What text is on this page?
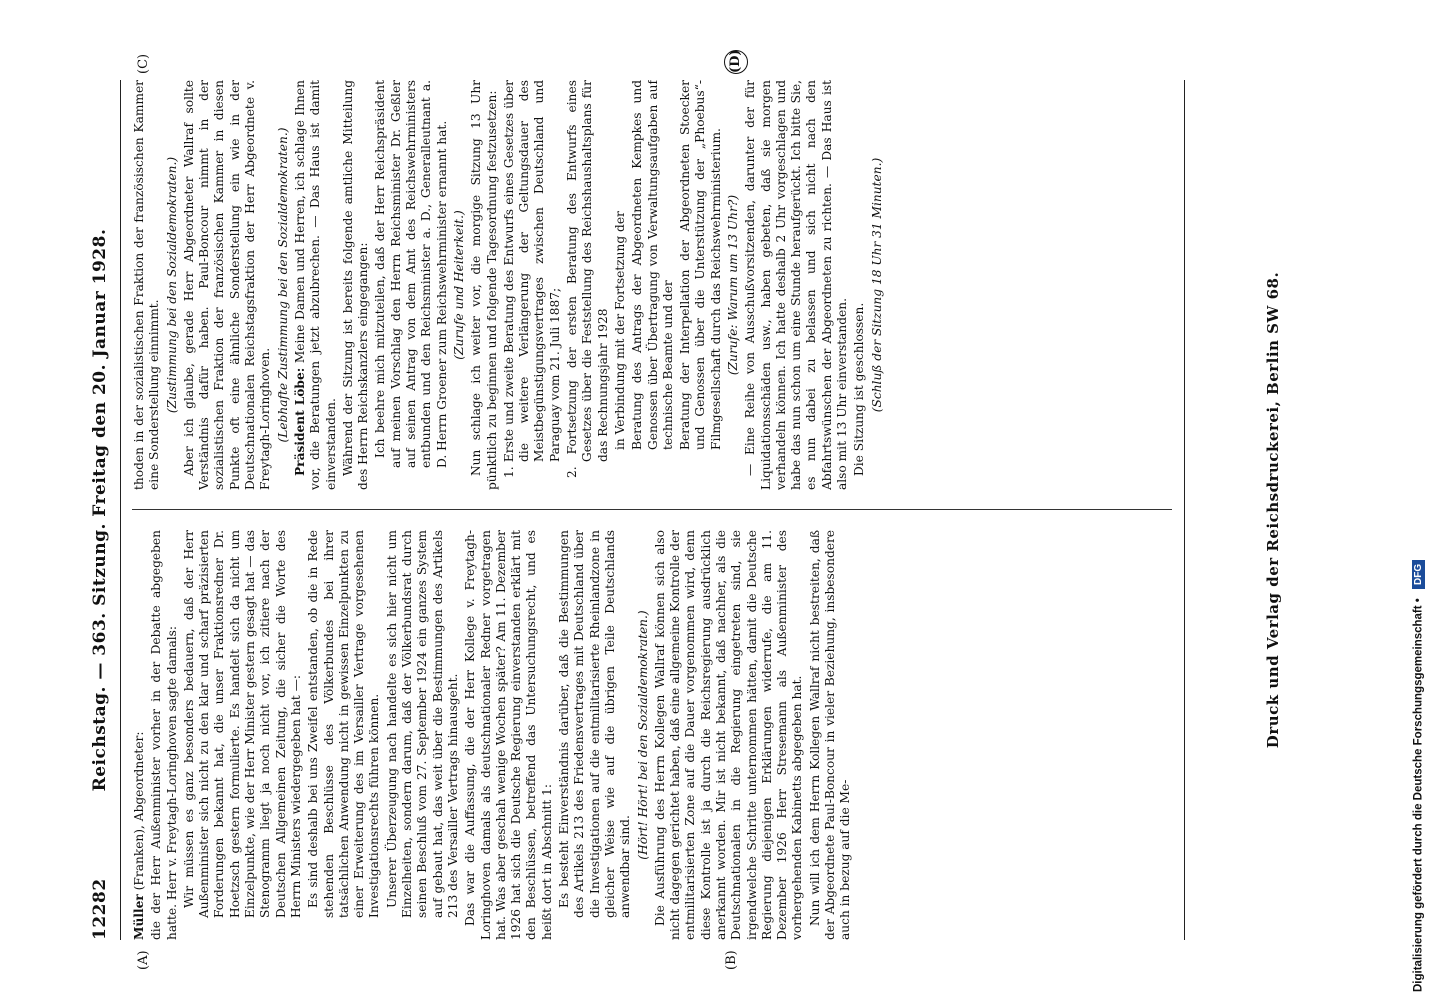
12282
Reichstag. — 363. Sitzung. Freitag den 20. Januar 1928.
(A)	(B)
(C)	(D)

Müller (Franken), Abgeordneter: die der Herr Außenminister vorher in der Debatte abgegeben hatte. Herr v. Freytagh-Loringhoven sagte damals: Wir müssen es ganz besonders bedauern, daß der Herr Außenminister sich nicht zu den klar und scharf präzisierten Forderungen bekannt hat, die unser Fraktionsredner Dr. Hoetzsch gestern formulierte. Es handelt sich da nicht um Einzelpunkte, wie der Herr Minister gestern gesagt hat — das Stenogramm liegt ja noch nicht vor, ich zitiere nach der Deutschen Allgemeinen Zeitung, die sicher die Worte des Herrn Ministers wiedergegeben hat —: Es sind deshalb bei uns Zweifel entstanden, ob die in Rede stehenden Beschlüsse des Völkerbundes bei ihrer tatsächlichen Anwendung nicht in gewissen Einzelpunkten zu einer Erweiterung des im Versailler Vertrage vorgesehenen Investigationsrechts führen können. Unserer Überzeugung nach handelte es sich hier nicht um Einzelheiten, sondern darum, daß der Völkerbundsrat durch seinen Beschluß vom 27. September 1924 ein ganzes System auf gebaut hat, das weit über die Bestimmungen des Artikels 213 des Versailler Vertrags hinausgeht. Das war die Auffassung, die der Herr Kollege v. Freytagh-Loringhoven damals als deutschnationaler Redner vorgetragen hat. Was aber geschah wenige Wochen später? Am 11. Dezember 1926 hat sich die Deutsche Regierung einverstanden erklärt mit den Beschlüssen, betreffend das Untersuchungsrecht, und es heißt dort in Abschnitt 1: Es besteht Einverständnis darüber, daß die Bestimmungen des Artikels 213 des Friedensvertrages mit Deutschland über die Investigationen auf die entmilitarisierte Rheinlandzone in gleicher Weise wie auf die übrigen Teile Deutschlands anwendbar sind.

(Hört! Hört! bei den Sozialdemokraten.) Die Ausführung des Herrn Kollegen Wallraf können sich also nicht dagegen gerichtet haben, daß eine allgemeine Kontrolle der entmilitarisierten Zone auf die Dauer vorgenommen wird, denn diese Kontrolle ist ja durch die Reichsregierung ausdrücklich anerkannt worden. Mir ist nicht bekannt, daß nachher, als die Deutschnationalen in die Regierung eingetreten sind, sie irgendwelche Schritte unternommen hätten, damit die Deutsche Regierung diejenigen Erklärungen widerrufe, die am 11. Dezember 1926 Herr Stresemann als Außenminister des vorhergehenden Kabinetts abgegeben hat. Nun will ich dem Herrn Kollegen Wallraf nicht bestreiten, daß der Abgeordnete Paul-Boncour in vieler Beziehung, insbesondere auch in bezug auf die Me-

thoden in der sozialistischen Fraktion der französischen Kammer eine Sonderstellung einnimmt. (Zustimmung bei den Sozialdemokraten.) Aber ich glaube, gerade Herr Abgeordneter Wallraf sollte Verständnis dafür haben. Paul-Boncour nimmt in der sozialistischen Fraktion der französischen Kammer in diesen Punkte oft eine ähnliche Sonderstellung ein wie in der Deutschnationalen Reichstagsfraktion der Herr Abgeordnete v. Freytagh-Loringhoven. (Lebhafte Zustimmung bei den Sozialdemokraten.) Präsident Löbe: Meine Damen und Herren, ich schlage Ihnen vor, die Beratungen jetzt abzubrechen. — Das Haus ist damit einverstanden. Während der Sitzung ist bereits folgende amtliche Mitteilung des Herrn Reichskanzlers eingegangen: Ich beehre mich mitzuteilen, daß der Herr Reichspräsident auf meinen Vorschlag den Herrn Reichsminister Dr. Geßler auf seinen Antrag von dem Amt des Reichswehrministers entbunden und den Reichsminister a. D., Generalleutnant a. D. Herrn Groener zum Reichswehrminister ernannt hat. (Zurufe und Heiterkeit.) Nun schlage ich weiter vor, die morgige Sitzung 13 Uhr pünktlich zu beginnen und folgende Tagesordnung festzusetzen: 1. Erste und zweite Beratung des Entwurfs eines Gesetzes über die weitere Verlängerung der Geltungsdauer des Meistbegünstigungsvertrages zwischen Deutschland und Paraguay vom 21. Juli 1887; 2. Fortsetzung der ersten Beratung des Entwurfs eines Gesetzes über die Feststellung des Reichshaushaltsplans für das Rechnungsjahr 1928 in Verbindung mit der Fortsetzung der Beratung des Antrags der Abgeordneten Kempkes und Genossen über Übertragung von Verwaltungsaufgaben auf technische Beamte und der Beratung der Interpellation der Abgeordneten Stoecker und Genossen über die Unterstützung der „Phoebus“-Filmgesellschaft durch das Reichswehrministerium. (Zurufe: Warum um 13 Uhr?) — Eine Reihe von Ausschußvorsitzenden, darunter der für Liquidationsschäden usw., haben gebeten, daß sie morgen verhandeln können. Ich hatte deshalb 2 Uhr vorgeschlagen und habe das nun schon um eine Stunde heraufgerückt. Ich bitte Sie, es nun dabei zu belassen und sich nicht nach den Abfahrtswünschen der Abgeordneten zu richten. — Das Haus ist also mit 13 Uhr einverstanden. Die Sitzung ist geschlossen. (Schluß der Sitzung 18 Uhr 31 Minuten.)	Druck und Verlag der Reichsdruckerei, Berlin SW 68.
Digitalisierung gefördert durch die Deutsche Forschungsgemeinschaft • DFG
